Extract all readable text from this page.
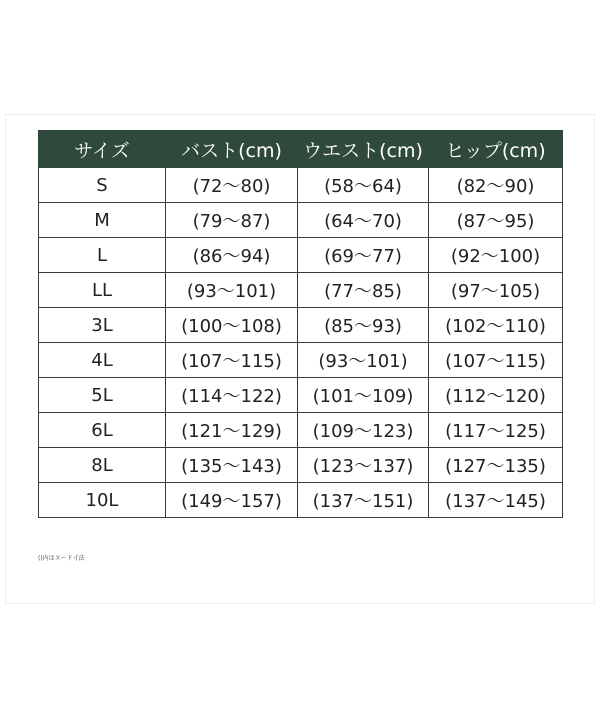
サイズ	バスト(cm)	ウエスト(cm)	ヒップ(cm)
S	(72～80)	(58～64)	(82～90)
M	(79～87)	(64～70)	(87～95)
L	(86～94)	(69～77)	(92～100)
LL	(93～101)	(77～85)	(97～105)
3L	(100～108)	(85～93)	(102～110)
4L	(107～115)	(93～101)	(107～115)
5L	(114～122)	(101～109)	(112～120)
6L	(121～129)	(109～123)	(117～125)
8L	(135～143)	(123～137)	(127～135)
10L	(149～157)	(137～151)	(137～145)
()内はヌード寸法
